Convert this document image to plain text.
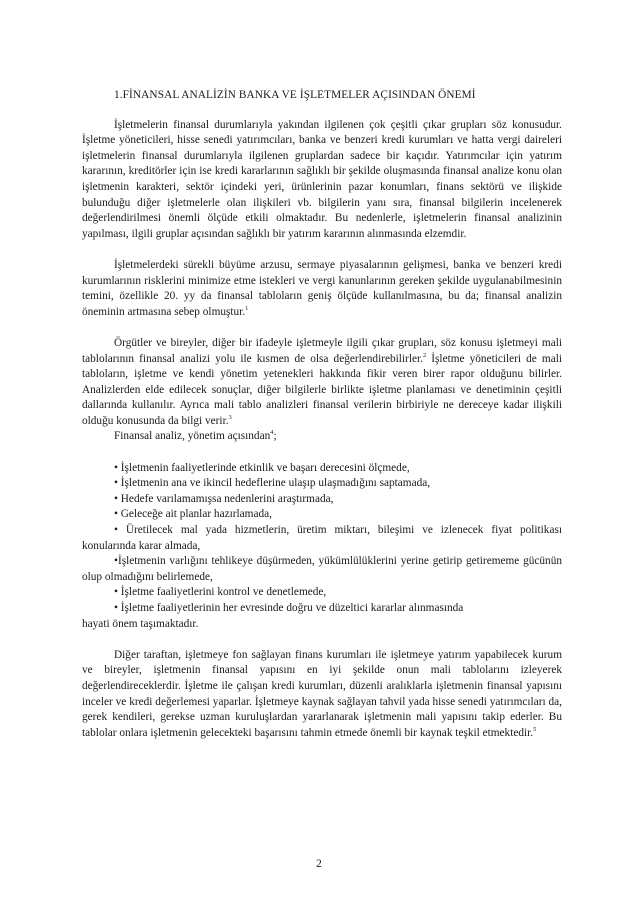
1.FİNANSAL ANALİZİN BANKA VE İŞLETMELER AÇISINDAN ÖNEMİ

İşletmelerin finansal durumlarıyla yakından ilgilenen çok çeşitli çıkar grupları söz konusudur. İşletme yöneticileri, hisse senedi yatırımcıları, banka ve benzeri kredi kurumları ve hatta vergi daireleri işletmelerin finansal durumlarıyla ilgilenen gruplardan sadece bir kaçıdır. Yatırımcılar için yatırım kararının, kreditörler için ise kredi kararlarının sağlıklı bir şekilde oluşmasında finansal analize konu olan işletmenin karakteri, sektör içindeki yeri, ürünlerinin pazar konumları, finans sektörü ve ilişkide bulunduğu diğer işletmelerle olan ilişkileri vb. bilgilerin yanı sıra, finansal bilgilerin incelenerek değerlendirilmesi önemli ölçüde etkili olmaktadır. Bu nedenlerle, işletmelerin finansal analizinin yapılması, ilgili gruplar açısından sağlıklı bir yatırım kararının alınmasında elzemdir.

İşletmelerdeki sürekli büyüme arzusu, sermaye piyasalarının gelişmesi, banka ve benzeri kredi kurumlarının risklerini minimize etme istekleri ve vergi kanunlarının gereken şekilde uygulanabilmesinin temini, özellikle 20. yy da finansal tabloların geniş ölçüde kullanılmasına, bu da; finansal analizin öneminin artmasına sebep olmuştur.$^1$

Örgütler ve bireyler, diğer bir ifadeyle işletmeyle ilgili çıkar grupları, söz konusu işletmeyi mali tablolarının finansal analizi yolu ile kısmen de olsa değerlendirebilirler.$^2$ İşletme yöneticileri de mali tabloların, işletme ve kendi yönetim yetenekleri hakkında fikir veren birer rapor olduğunu bilirler. Analizlerden elde edilecek sonuçlar, diğer bilgilerle birlikte işletme planlaması ve denetiminin çeşitli dallarında kullanılır. Ayrıca mali tablo analizleri finansal verilerin birbiriyle ne dereceye kadar ilişkili olduğu konusunda da bilgi verir.$^3$

Finansal analiz, yönetim açısından$^4$;

• İşletmenin faaliyetlerinde etkinlik ve başarı derecesini ölçmede,

• İşletmenin ana ve ikincil hedeflerine ulaşıp ulaşmadığını saptamada,

• Hedefe varılamamışsa nedenlerini araştırmada,

• Geleceğe ait planlar hazırlamada,

• Üretilecek mal yada hizmetlerin, üretim miktarı, bileşimi ve izlenecek fiyat politikası konularında karar almada,

•İşletmenin varlığını tehlikeye düşürmeden, yükümlülüklerini yerine getirip getirememe gücünün olup olmadığını belirlemede,

• İşletme faaliyetlerini kontrol ve denetlemede,

• İşletme faaliyetlerinin her evresinde doğru ve düzeltici kararlar alınmasında

hayati önem taşımaktadır.

Diğer taraftan, işletmeye fon sağlayan finans kurumları ile işletmeye yatırım yapabilecek kurum ve bireyler, işletmenin finansal yapısını en iyi şekilde onun mali tablolarını izleyerek değerlendireceklerdir. İşletme ile çalışan kredi kurumları, düzenli aralıklarla işletmenin finansal yapısını inceler ve kredi değerlemesi yaparlar. İşletmeye kaynak sağlayan tahvil yada hisse senedi yatırımcıları da, gerek kendileri, gerekse uzman kuruluşlardan yararlanarak işletmenin mali yapısını takip ederler. Bu tablolar onlara işletmenin gelecekteki başarısını tahmin etmede önemli bir kaynak teşkil etmektedir.$^5$

2
